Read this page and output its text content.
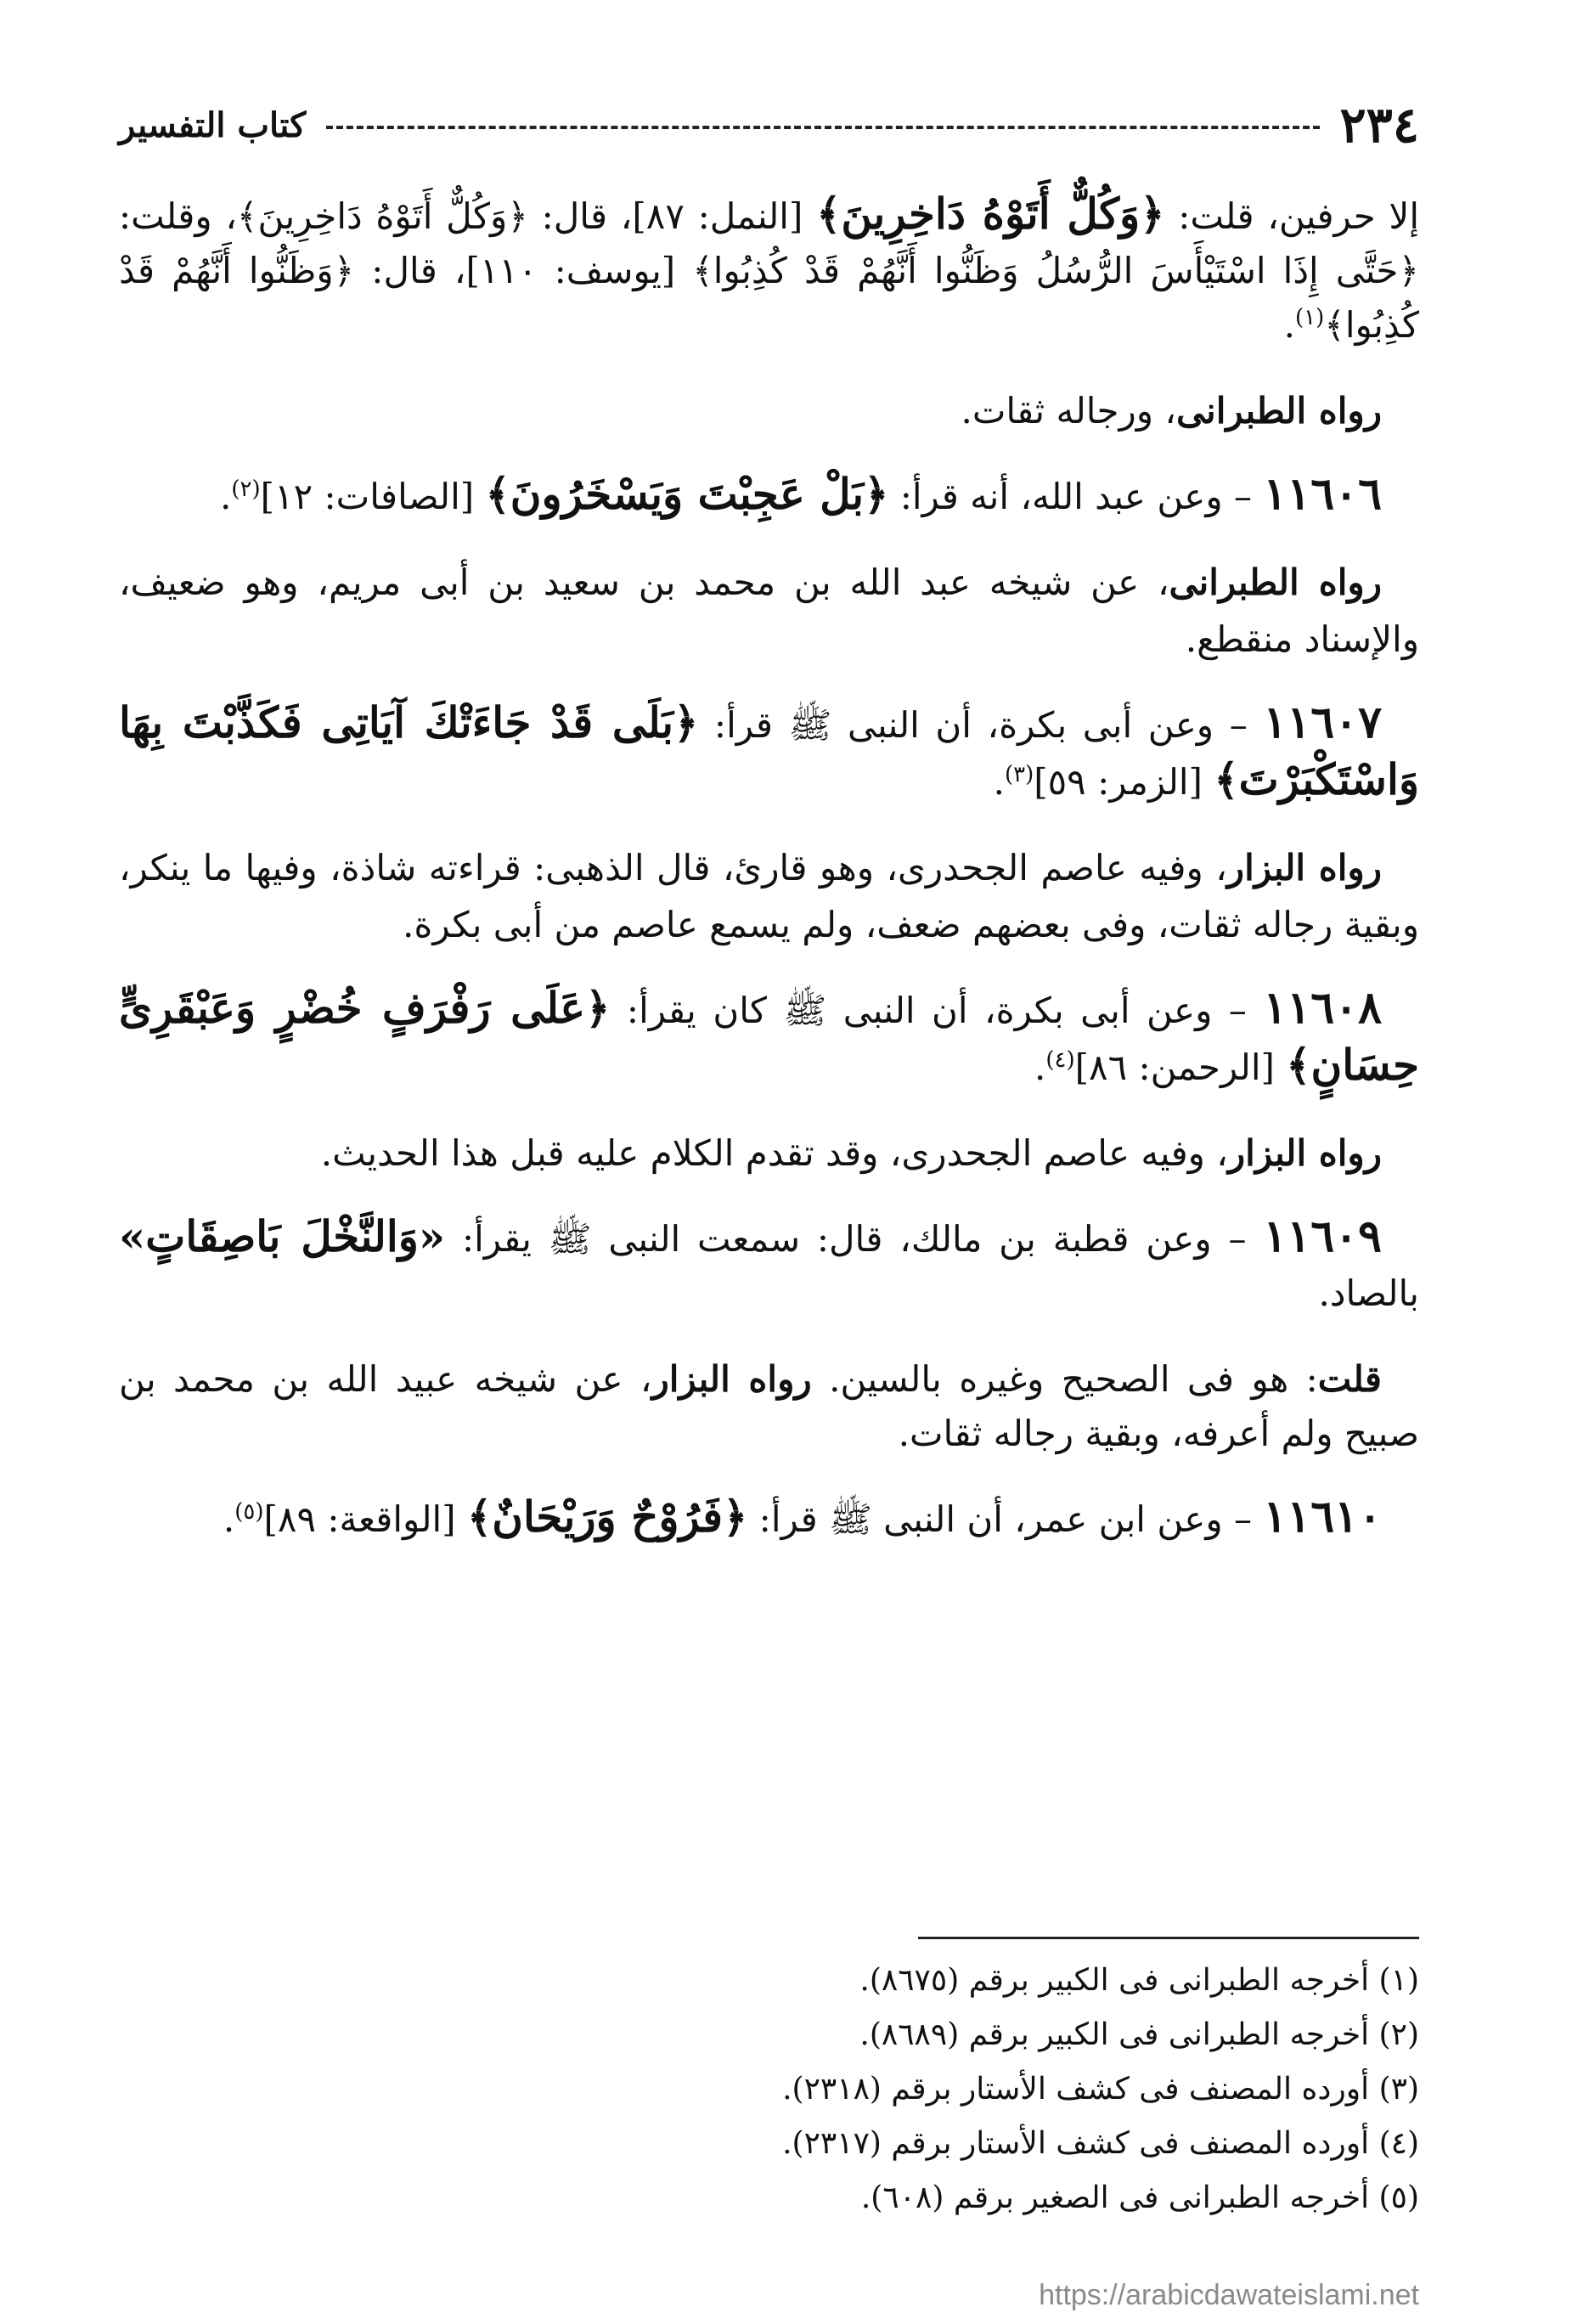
٢٣٤
كتاب التفسير

إلا حرفين، قلت: ﴿وَكُلٌّ أَتَوْهُ دَاخِرِينَ﴾ [النمل: ٨٧]، قال: ﴿وَكُلٌّ أَتَوْهُ دَاخِرِينَ﴾، وقلت: ﴿حَتَّى إِذَا اسْتَيْأَسَ الرُّسُلُ وَظَنُّوا أَنَّهُمْ قَدْ كُذِبُوا﴾ [يوسف: ١١٠]، قال: ﴿وَظَنُّوا أَنَّهُمْ قَدْ كُذِبُوا﴾$^{(١)}$.

رواه الطبرانى، ورجاله ثقات.

١١٦٠٦ – وعن عبد الله، أنه قرأ: ﴿بَلْ عَجِبْتَ وَيَسْخَرُونَ﴾ [الصافات: ١٢]$^{(٢)}$.

رواه الطبرانى، عن شيخه عبد الله بن محمد بن سعيد بن أبى مريم، وهو ضعيف، والإسناد منقطع.

١١٦٠٧ – وعن أبى بكرة، أن النبى ﷺ قرأ: ﴿بَلَى قَدْ جَاءَتْكَ آيَاتِى فَكَذَّبْتَ بِهَا وَاسْتَكْبَرْتَ﴾ [الزمر: ٥٩]$^{(٣)}$.

رواه البزار، وفيه عاصم الجحدرى، وهو قارئ، قال الذهبى: قراءته شاذة، وفيها ما ينكر، وبقية رجاله ثقات، وفى بعضهم ضعف، ولم يسمع عاصم من أبى بكرة.

١١٦٠٨ – وعن أبى بكرة، أن النبى ﷺ كان يقرأ: ﴿عَلَى رَفْرَفٍ خُضْرٍ وَعَبْقَرِىٍّ حِسَانٍ﴾ [الرحمن: ٨٦]$^{(٤)}$.

رواه البزار، وفيه عاصم الجحدرى، وقد تقدم الكلام عليه قبل هذا الحديث.

١١٦٠٩ – وعن قطبة بن مالك، قال: سمعت النبى ﷺ يقرأ: «وَالنَّخْلَ بَاصِقَاتٍ» بالصاد.

قلت: هو فى الصحيح وغيره بالسين. رواه البزار، عن شيخه عبيد الله بن محمد بن صبيح ولم أعرفه، وبقية رجاله ثقات.

١١٦١٠ – وعن ابن عمر، أن النبى ﷺ قرأ: ﴿فَرُوْحٌ وَرَيْحَانٌ﴾ [الواقعة: ٨٩]$^{(٥)}$.

(١) أخرجه الطبرانى فى الكبير برقم (٨٦٧٥).

(٢) أخرجه الطبرانى فى الكبير برقم (٨٦٨٩).

(٣) أورده المصنف فى كشف الأستار برقم (٢٣١٨).

(٤) أورده المصنف فى كشف الأستار برقم (٢٣١٧).

(٥) أخرجه الطبرانى فى الصغير برقم (٦٠٨).

https://arabicdawateislami.net
